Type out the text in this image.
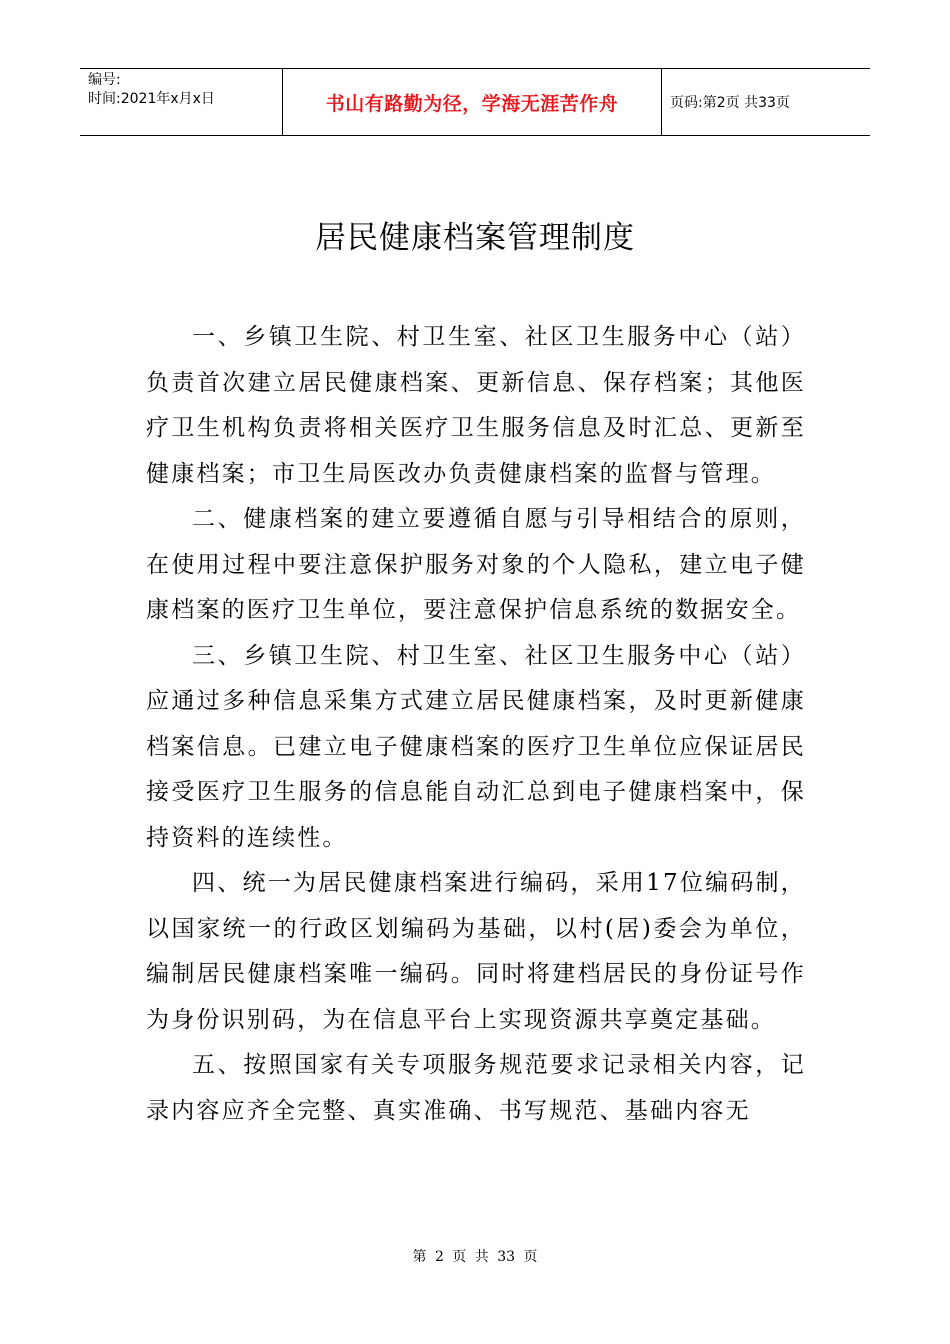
编号:
时间:2021年x月x日	书山有路勤为径，学海无涯苦作舟	页码:第2页 共33页
居民健康档案管理制度

一、乡镇卫生院、村卫生室、社区卫生服务中心（站）负责首次建立居民健康档案、更新信息、保存档案；其他医疗卫生机构负责将相关医疗卫生服务信息及时汇总、更新至健康档案；市卫生局医改办负责健康档案的监督与管理。

二、健康档案的建立要遵循自愿与引导相结合的原则，在使用过程中要注意保护服务对象的个人隐私，建立电子健康档案的医疗卫生单位，要注意保护信息系统的数据安全。

三、乡镇卫生院、村卫生室、社区卫生服务中心（站）应通过多种信息采集方式建立居民健康档案，及时更新健康档案信息。已建立电子健康档案的医疗卫生单位应保证居民接受医疗卫生服务的信息能自动汇总到电子健康档案中，保持资料的连续性。

四、统一为居民健康档案进行编码，采用17位编码制，以国家统一的行政区划编码为基础，以村(居)委会为单位，编制居民健康档案唯一编码。同时将建档居民的身份证号作为身份识别码，为在信息平台上实现资源共享奠定基础。

五、按照国家有关专项服务规范要求记录相关内容，记录内容应齐全完整、真实准确、书写规范、基础内容无

第 2 页 共 33 页
